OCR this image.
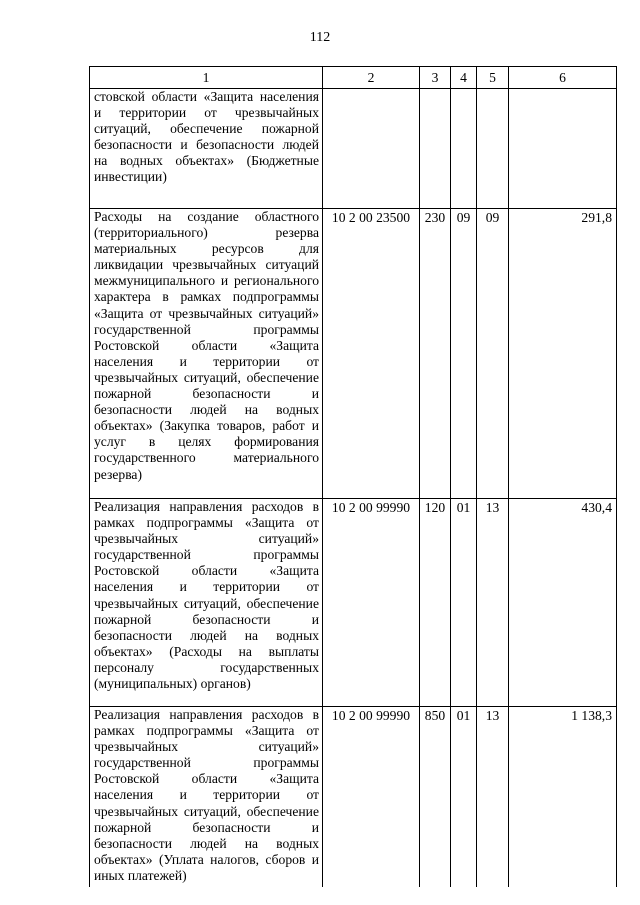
112
1	2	3	4	5	6
стовской области «Защита населения и территории от чрезвычайных ситуаций, обеспечение пожарной безопасности и безопасности людей на водных объектах» (Бюджетные инвестиции)					
Расходы на создание областного (территориального) резерва материальных ресурсов для ликвидации чрезвычайных ситуаций межмуниципального и регионального характера в рамках подпрограммы «Защита от чрезвычайных ситуаций» государственной программы Ростовской области «Защита населения и территории от чрезвычайных ситуаций, обеспечение пожарной безопасности и безопасности людей на водных объектах» (Закупка товаров, работ и услуг в целях формирования государственного материального резерва)	10 2 00 23500	230	09	09	291,8
Реализация направления расходов в рамках подпрограммы «Защита от чрезвычайных ситуаций» государственной программы Ростовской области «Защита населения и территории от чрезвычайных ситуаций, обеспечение пожарной безопасности и безопасности людей на водных объектах» (Расходы на выплаты персоналу государственных (муниципальных) органов)	10 2 00 99990	120	01	13	430,4
Реализация направления расходов в рамках подпрограммы «Защита от чрезвычайных ситуаций» государственной программы Ростовской области «Защита населения и территории от чрезвычайных ситуаций, обеспечение пожарной безопасности и безопасности людей на водных объектах» (Уплата налогов, сборов и иных платежей)	10 2 00 99990	850	01	13	1 138,3
